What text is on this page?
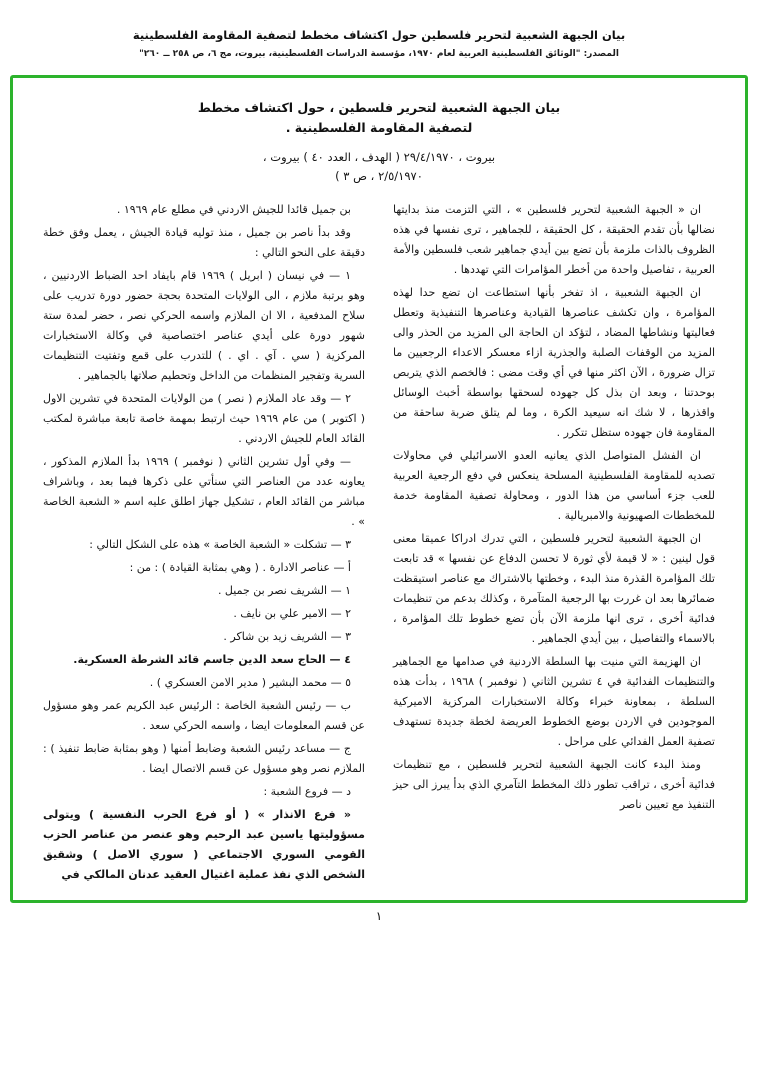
بيان الجبهة الشعبية لتحرير فلسطين حول اكتشاف مخطط لتصفية المقاومة الفلسطينية
المصدر: "الوثائق الفلسطينية العربية لعام ١٩٧٠، مؤسسة الدراسات الفلسطينية، بيروت، مج ٦، ص ٢٥٨ ــ ٢٦٠"
بيان الجبهة الشعبية لتحرير فلسطين ، حول اكتشاف مخطط
لتصفية المقاومة الفلسطينية .
بيروت ، ٢٩/٤/١٩٧٠ ( الهدف ، العدد ٤٠ ) بيروت ،
٢/٥/١٩٧٠ ، ص ٣ )

ان « الجبهة الشعبية لتحرير فلسطين » ، التي التزمت منذ بدايتها نضالها بأن تقدم الحقيقة ، كل الحقيقة ، للجماهير ، ترى نفسها في هذه الظروف بالذات ملزمة بأن تضع بين أيدي جماهير شعب فلسطين والأمة العربية ، تفاصيل واحدة من أخطر المؤامرات التي تهددها .

ان الجبهة الشعبية ، اذ تفخر بأنها استطاعت ان تضع حدا لهذه المؤامرة ، وان تكشف عناصرها القيادية وعناصرها التنفيذية وتعطل فعاليتها ونشاطها المضاد ، لتؤكد ان الحاجة الى المزيد من الحذر والى المزيد من الوقفات الصلبة والجذرية ازاء معسكر الاعداء الرجعيين ما تزال ضرورة ، الآن اكثر منها في أي وقت مضى : فالخصم الذي يتربص بوحدتنا ، وبعد ان بذل كل جهوده لسحقها بواسطة أخبث الوسائل واقذرها ، لا شك انه سيعيد الكرة ، وما لم يتلق ضربة ساحقة من المقاومة فان جهوده ستظل تتكرر .

ان الفشل المتواصل الذي يعانيه العدو الاسرائيلي في محاولات تصديه للمقاومة الفلسطينية المسلحة ينعكس في دفع الرجعية العربية للعب جزء أساسي من هذا الدور ، ومحاولة تصفية المقاومة خدمة للمخططات الصهيونية والامبريالية .

ان الجبهة الشعبية لتحرير فلسطين ، التي تدرك ادراكا عميقا معنى قول لينين : « لا قيمة لأي ثورة لا تحسن الدفاع عن نفسها » قد تابعت تلك المؤامرة القذرة منذ البدء ، وخطتها بالاشتراك مع عناصر استيقظت ضمائرها بعد ان غررت بها الرجعية المتآمرة ، وكذلك بدعم من تنظيمات فدائية أخرى ، ترى انها ملزمة الآن بأن تضع خطوط تلك المؤامرة ، بالاسماء والتفاصيل ، بين أيدي الجماهير .

ان الهزيمة التي منيت بها السلطة الاردنية في صدامها مع الجماهير والتنظيمات الفدائية في ٤ تشرين الثاني ( نوفمبر ) ١٩٦٨ ، بدأت هذه السلطة ، بمعاونة خبراء وكالة الاستخبارات المركزية الاميركية الموجودين في الاردن بوضع الخطوط العريضة لخطة جديدة تستهدف تصفية العمل الفدائي على مراحل .

ومنذ البدء كانت الجبهة الشعبية لتحرير فلسطين ، مع تنظيمات فدائية أخرى ، تراقب تطور ذلك المخطط التآمري الذي بدأ يبرز الى حيز التنفيذ مع تعيين ناصر

بن جميل قائدا للجيش الاردني في مطلع عام ١٩٦٩ .

وقد بدأ ناصر بن جميل ، منذ توليه قيادة الجيش ، يعمل وفق خطة دقيقة على النحو التالي :

١ — في نيسان ( ابريل ) ١٩٦٩ قام بايفاد احد الضباط الاردنيين ، وهو برتبة ملازم ، الى الولايات المتحدة بحجة حضور دورة تدريب على سلاح المدفعية ، الا ان الملازم واسمه الحركي نصر ، حضر لمدة ستة شهور دورة على أيدي عناصر اختصاصية في وكالة الاستخبارات المركزية ( سي . آي . اي . ) للتدرب على قمع وتفتيت التنظيمات السرية وتفجير المنظمات من الداخل وتحطيم صلاتها بالجماهير .

٢ — وقد عاد الملازم ( نصر ) من الولايات المتحدة في تشرين الاول ( اكتوبر ) من عام ١٩٦٩ حيث ارتبط بمهمة خاصة تابعة مباشرة لمكتب القائد العام للجيش الاردني .

— وفي أول تشرين الثاني ( نوفمبر ) ١٩٦٩ بدأ الملازم المذكور ، يعاونه عدد من العناصر التي سنأتي على ذكرها فيما بعد ، وباشراف مباشر من القائد العام ، تشكيل جهاز اطلق عليه اسم « الشعبة الخاصة » .

٣ — تشكلت « الشعبة الخاصة » هذه على الشكل التالي :

أ — عناصر الادارة . ( وهي بمثابة القيادة ) : من :

١ — الشريف نصر بن جميل .

٢ — الامير علي بن نايف .

٣ — الشريف زيد بن شاكر .

٤ — الحاج سعد الدين جاسم قائد الشرطة العسكرية.

٥ — محمد البشير ( مدير الامن العسكري ) .

ب — رئيس الشعبة الخاصة : الرئيس عبد الكريم عمر وهو مسؤول عن قسم المعلومات ايضا ، واسمه الحركي سعد .

ج — مساعد رئيس الشعبة وضابط أمنها ( وهو بمثابة ضابط تنفيذ ) : الملازم نصر وهو مسؤول عن قسم الاتصال ايضا .

د — فروع الشعبة :

« فرع الانذار » ( أو فرع الحرب النفسية ) ويتولى مسؤوليتها ياسين عبد الرحيم وهو عنصر من عناصر الحزب القومي السوري الاجتماعي ( سوري الاصل ) وشقيق الشخص الذي نفذ عملية اغتيال العقيد عدنان المالكي في

١
